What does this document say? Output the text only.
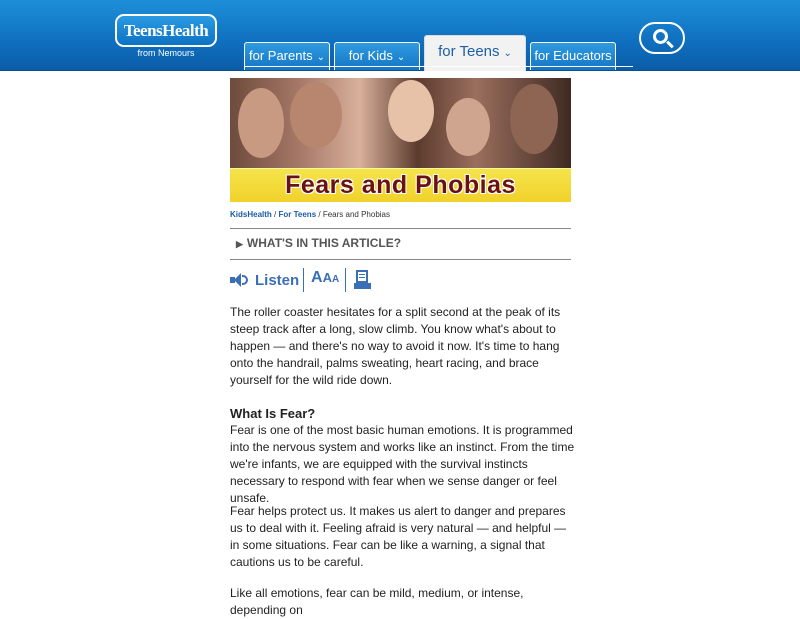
TeensHealth
from Nemours	for Parents ⌄	for Kids ⌄	for Teens ⌄	for Educators
Fears and Phobias
KidsHealth / For Teens / Fears and Phobias
▶ WHAT'S IN THIS ARTICLE?
Listen AAA

The roller coaster hesitates for a split second at the peak of its steep track after a long, slow climb. You know what's about to happen — and there's no way to avoid it now. It's time to hang onto the handrail, palms sweating, heart racing, and brace yourself for the wild ride down.

What Is Fear?

Fear is one of the most basic human emotions. It is programmed into the nervous system and works like an instinct. From the time we're infants, we are equipped with the survival instincts necessary to respond with fear when we sense danger or feel unsafe.

Fear helps protect us. It makes us alert to danger and prepares us to deal with it. Feeling afraid is very natural — and helpful — in some situations. Fear can be like a warning, a signal that cautions us to be careful.

Like all emotions, fear can be mild, medium, or intense, depending on
